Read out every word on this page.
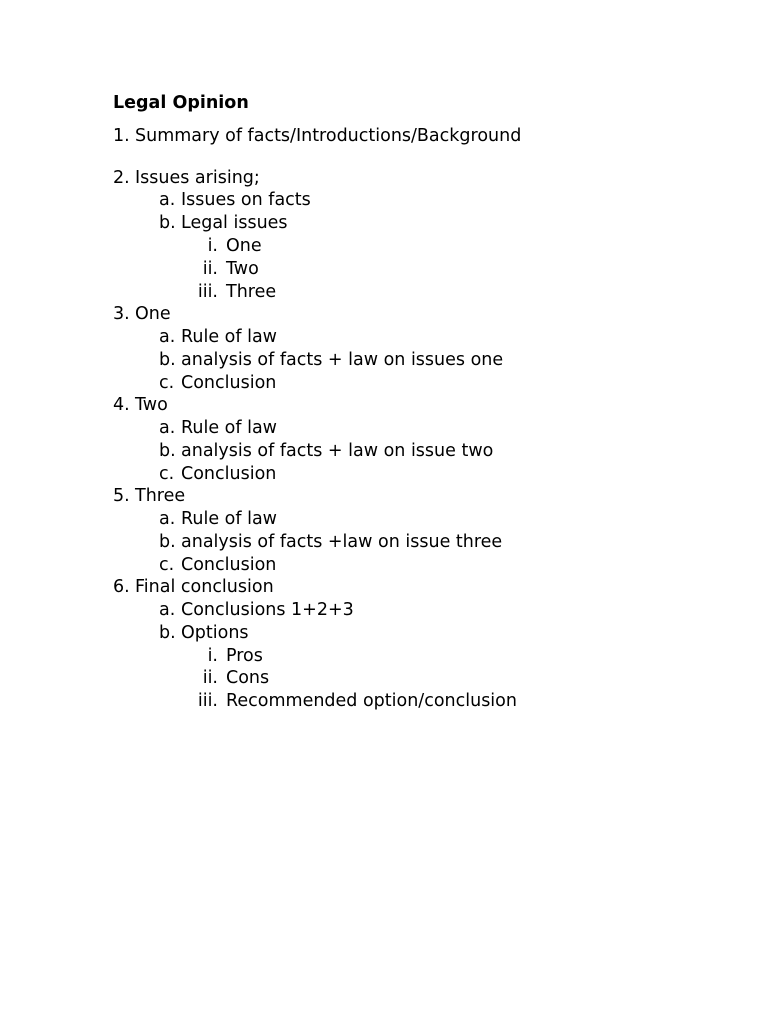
Legal Opinion
1. Summary of facts/Introductions/Background
2. Issues arising;
a. Issues on facts
b. Legal issues
i. One
ii. Two
iii. Three
3. One
a. Rule of law
b. analysis of facts + law on issues one
c. Conclusion
4. Two
a. Rule of law
b. analysis of facts + law on issue two
c. Conclusion
5. Three
a. Rule of law
b. analysis of facts +law on issue three
c. Conclusion
6. Final conclusion
a. Conclusions 1+2+3
b. Options
i. Pros
ii. Cons
iii. Recommended option/conclusion
